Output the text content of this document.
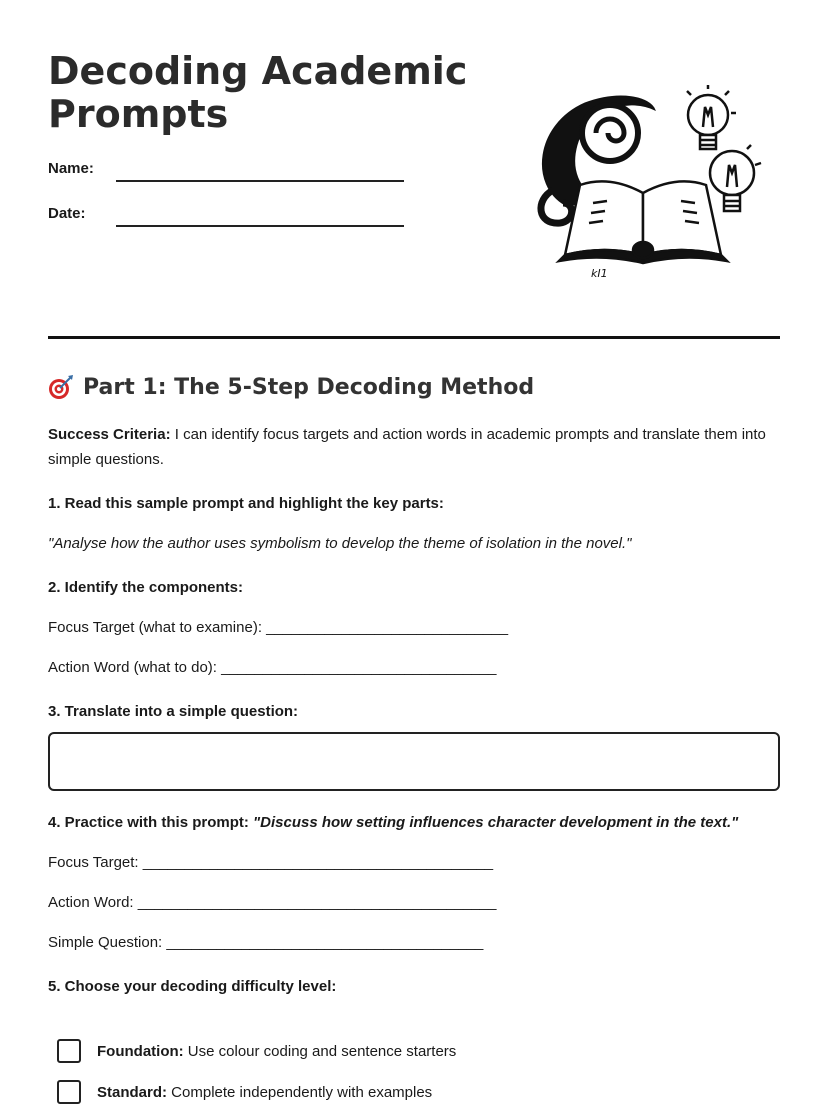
Decoding Academic Prompts
Name:
Date:
kI1
Part 1: The 5-Step Decoding Method
Success Criteria: I can identify focus targets and action words in academic prompts and translate them into simple questions.
1. Read this sample prompt and highlight the key parts:
"Analyse how the author uses symbolism to develop the theme of isolation in the novel."
2. Identify the components:
Focus Target (what to examine): _____________________________
Action Word (what to do): _________________________________
3. Translate into a simple question:
4. Practice with this prompt: "Discuss how setting influences character development in the text."
Focus Target: __________________________________________
Action Word: ___________________________________________
Simple Question: ______________________________________
5. Choose your decoding difficulty level:
Foundation: Use colour coding and sentence starters
Standard: Complete independently with examples
